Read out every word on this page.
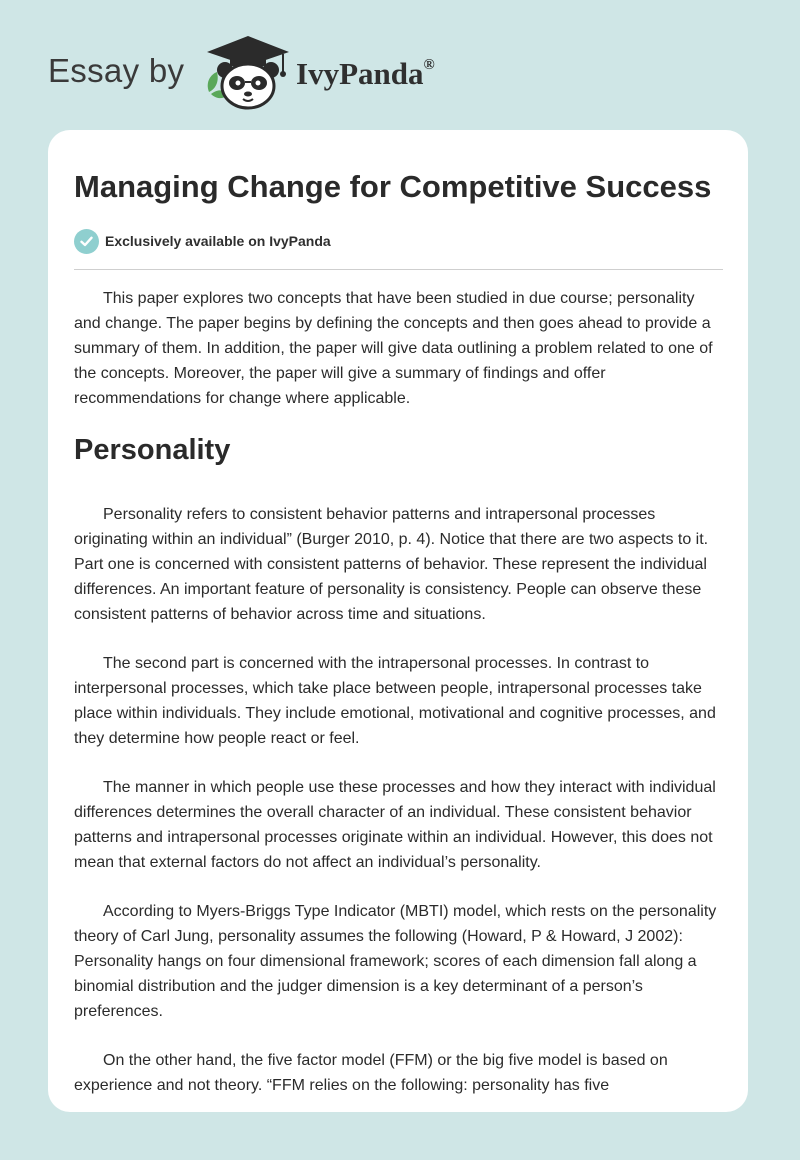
Essay by	IvyPanda®
Managing Change for Competitive Success
Exclusively available on IvyPanda

This paper explores two concepts that have been studied in due course; personality and change. The paper begins by defining the concepts and then goes ahead to provide a summary of them. In addition, the paper will give data outlining a problem related to one of the concepts. Moreover, the paper will give a summary of findings and offer recommendations for change where applicable.

Personality

Personality refers to consistent behavior patterns and intrapersonal processes originating within an individual” (Burger 2010, p. 4). Notice that there are two aspects to it. Part one is concerned with consistent patterns of behavior. These represent the individual differences. An important feature of personality is consistency. People can observe these consistent patterns of behavior across time and situations.

The second part is concerned with the intrapersonal processes. In contrast to interpersonal processes, which take place between people, intrapersonal processes take place within individuals. They include emotional, motivational and cognitive processes, and they determine how people react or feel.

The manner in which people use these processes and how they interact with individual differences determines the overall character of an individual. These consistent behavior patterns and intrapersonal processes originate within an individual. However, this does not mean that external factors do not affect an individual’s personality.

According to Myers-Briggs Type Indicator (MBTI) model, which rests on the personality theory of Carl Jung, personality assumes the following (Howard, P & Howard, J 2002): Personality hangs on four dimensional framework; scores of each dimension fall along a binomial distribution and the judger dimension is a key determinant of a person’s preferences.

On the other hand, the five factor model (FFM) or the big five model is based on experience and not theory. “FFM relies on the following: personality has five
